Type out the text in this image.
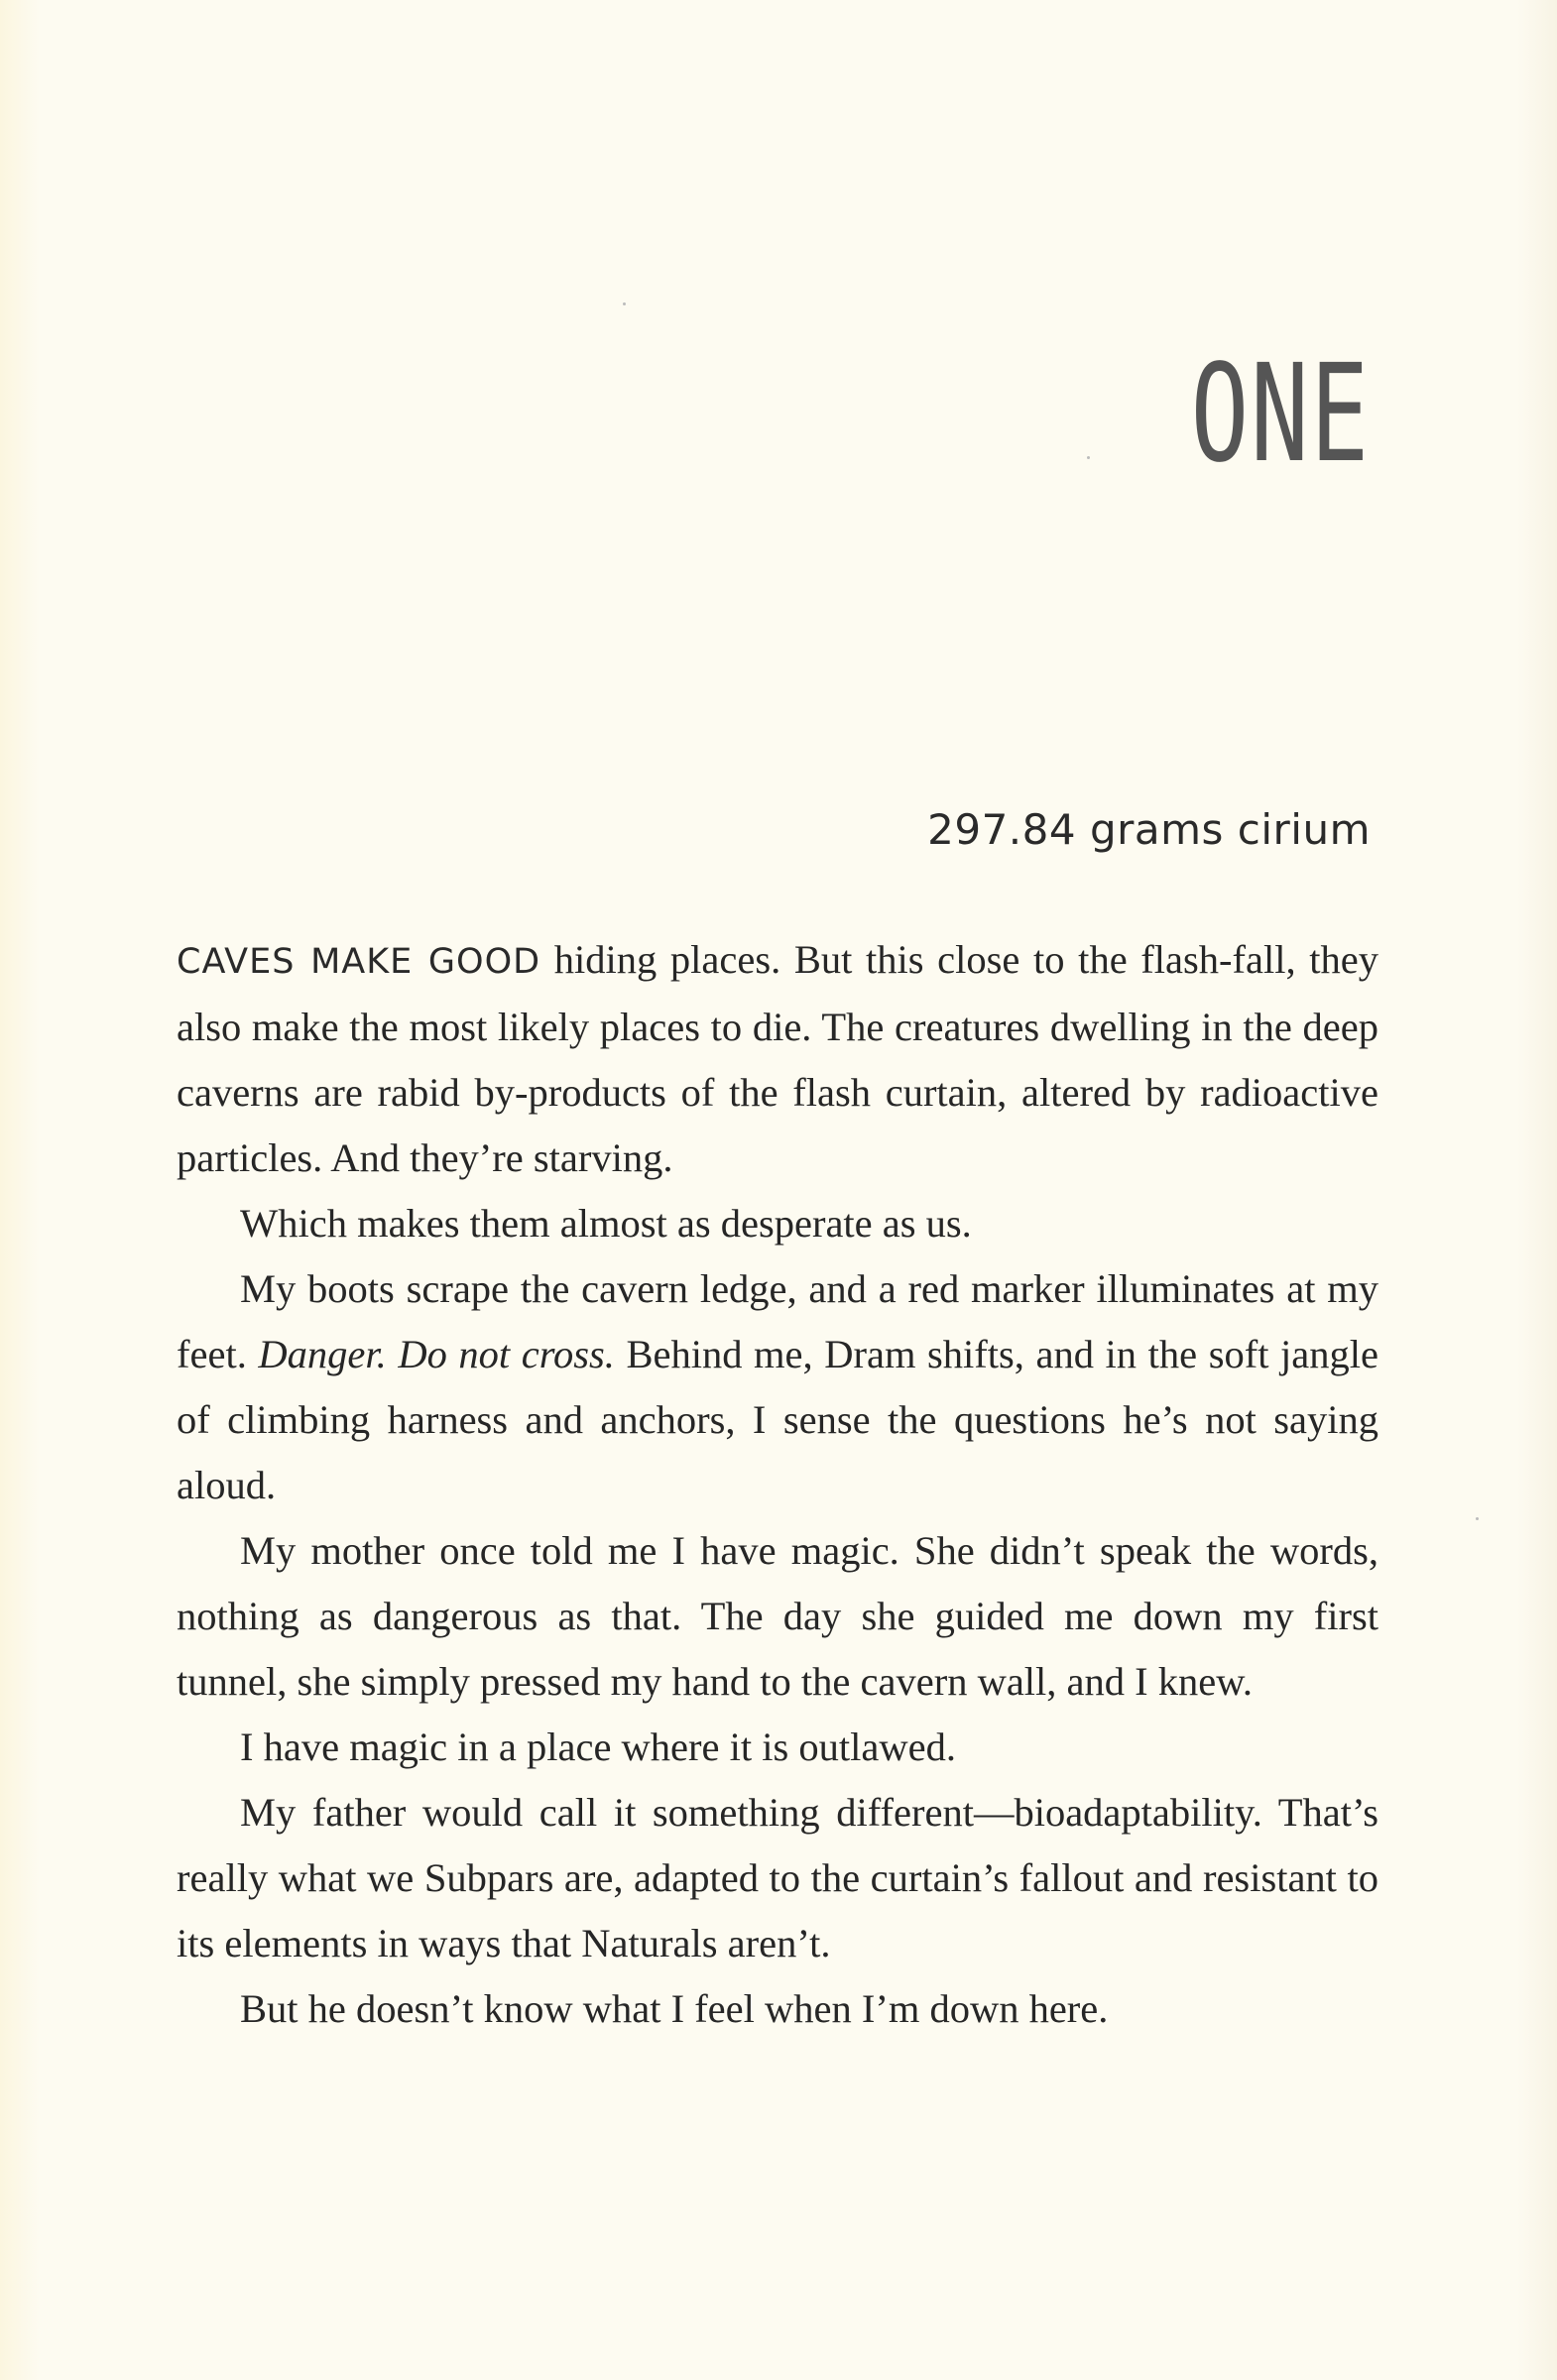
ONE

297.84 grams cirium

CAVES MAKE GOOD hiding places. But this close to the flash-fall, they also make the most likely places to die. The creatures dwelling in the deep caverns are rabid by-products of the flash curtain, altered by radioactive particles. And they’re starving.

Which makes them almost as desperate as us.

My boots scrape the cavern ledge, and a red marker illuminates at my feet. Danger. Do not cross. Behind me, Dram shifts, and in the soft jangle of climbing harness and anchors, I sense the questions he’s not saying aloud.

My mother once told me I have magic. She didn’t speak the words, nothing as dangerous as that. The day she guided me down my first tunnel, she simply pressed my hand to the cavern wall, and I knew.

I have magic in a place where it is outlawed.

My father would call it something different—bioadaptability. That’s really what we Subpars are, adapted to the curtain’s fallout and resistant to its elements in ways that Naturals aren’t.

But he doesn’t know what I feel when I’m down here.
